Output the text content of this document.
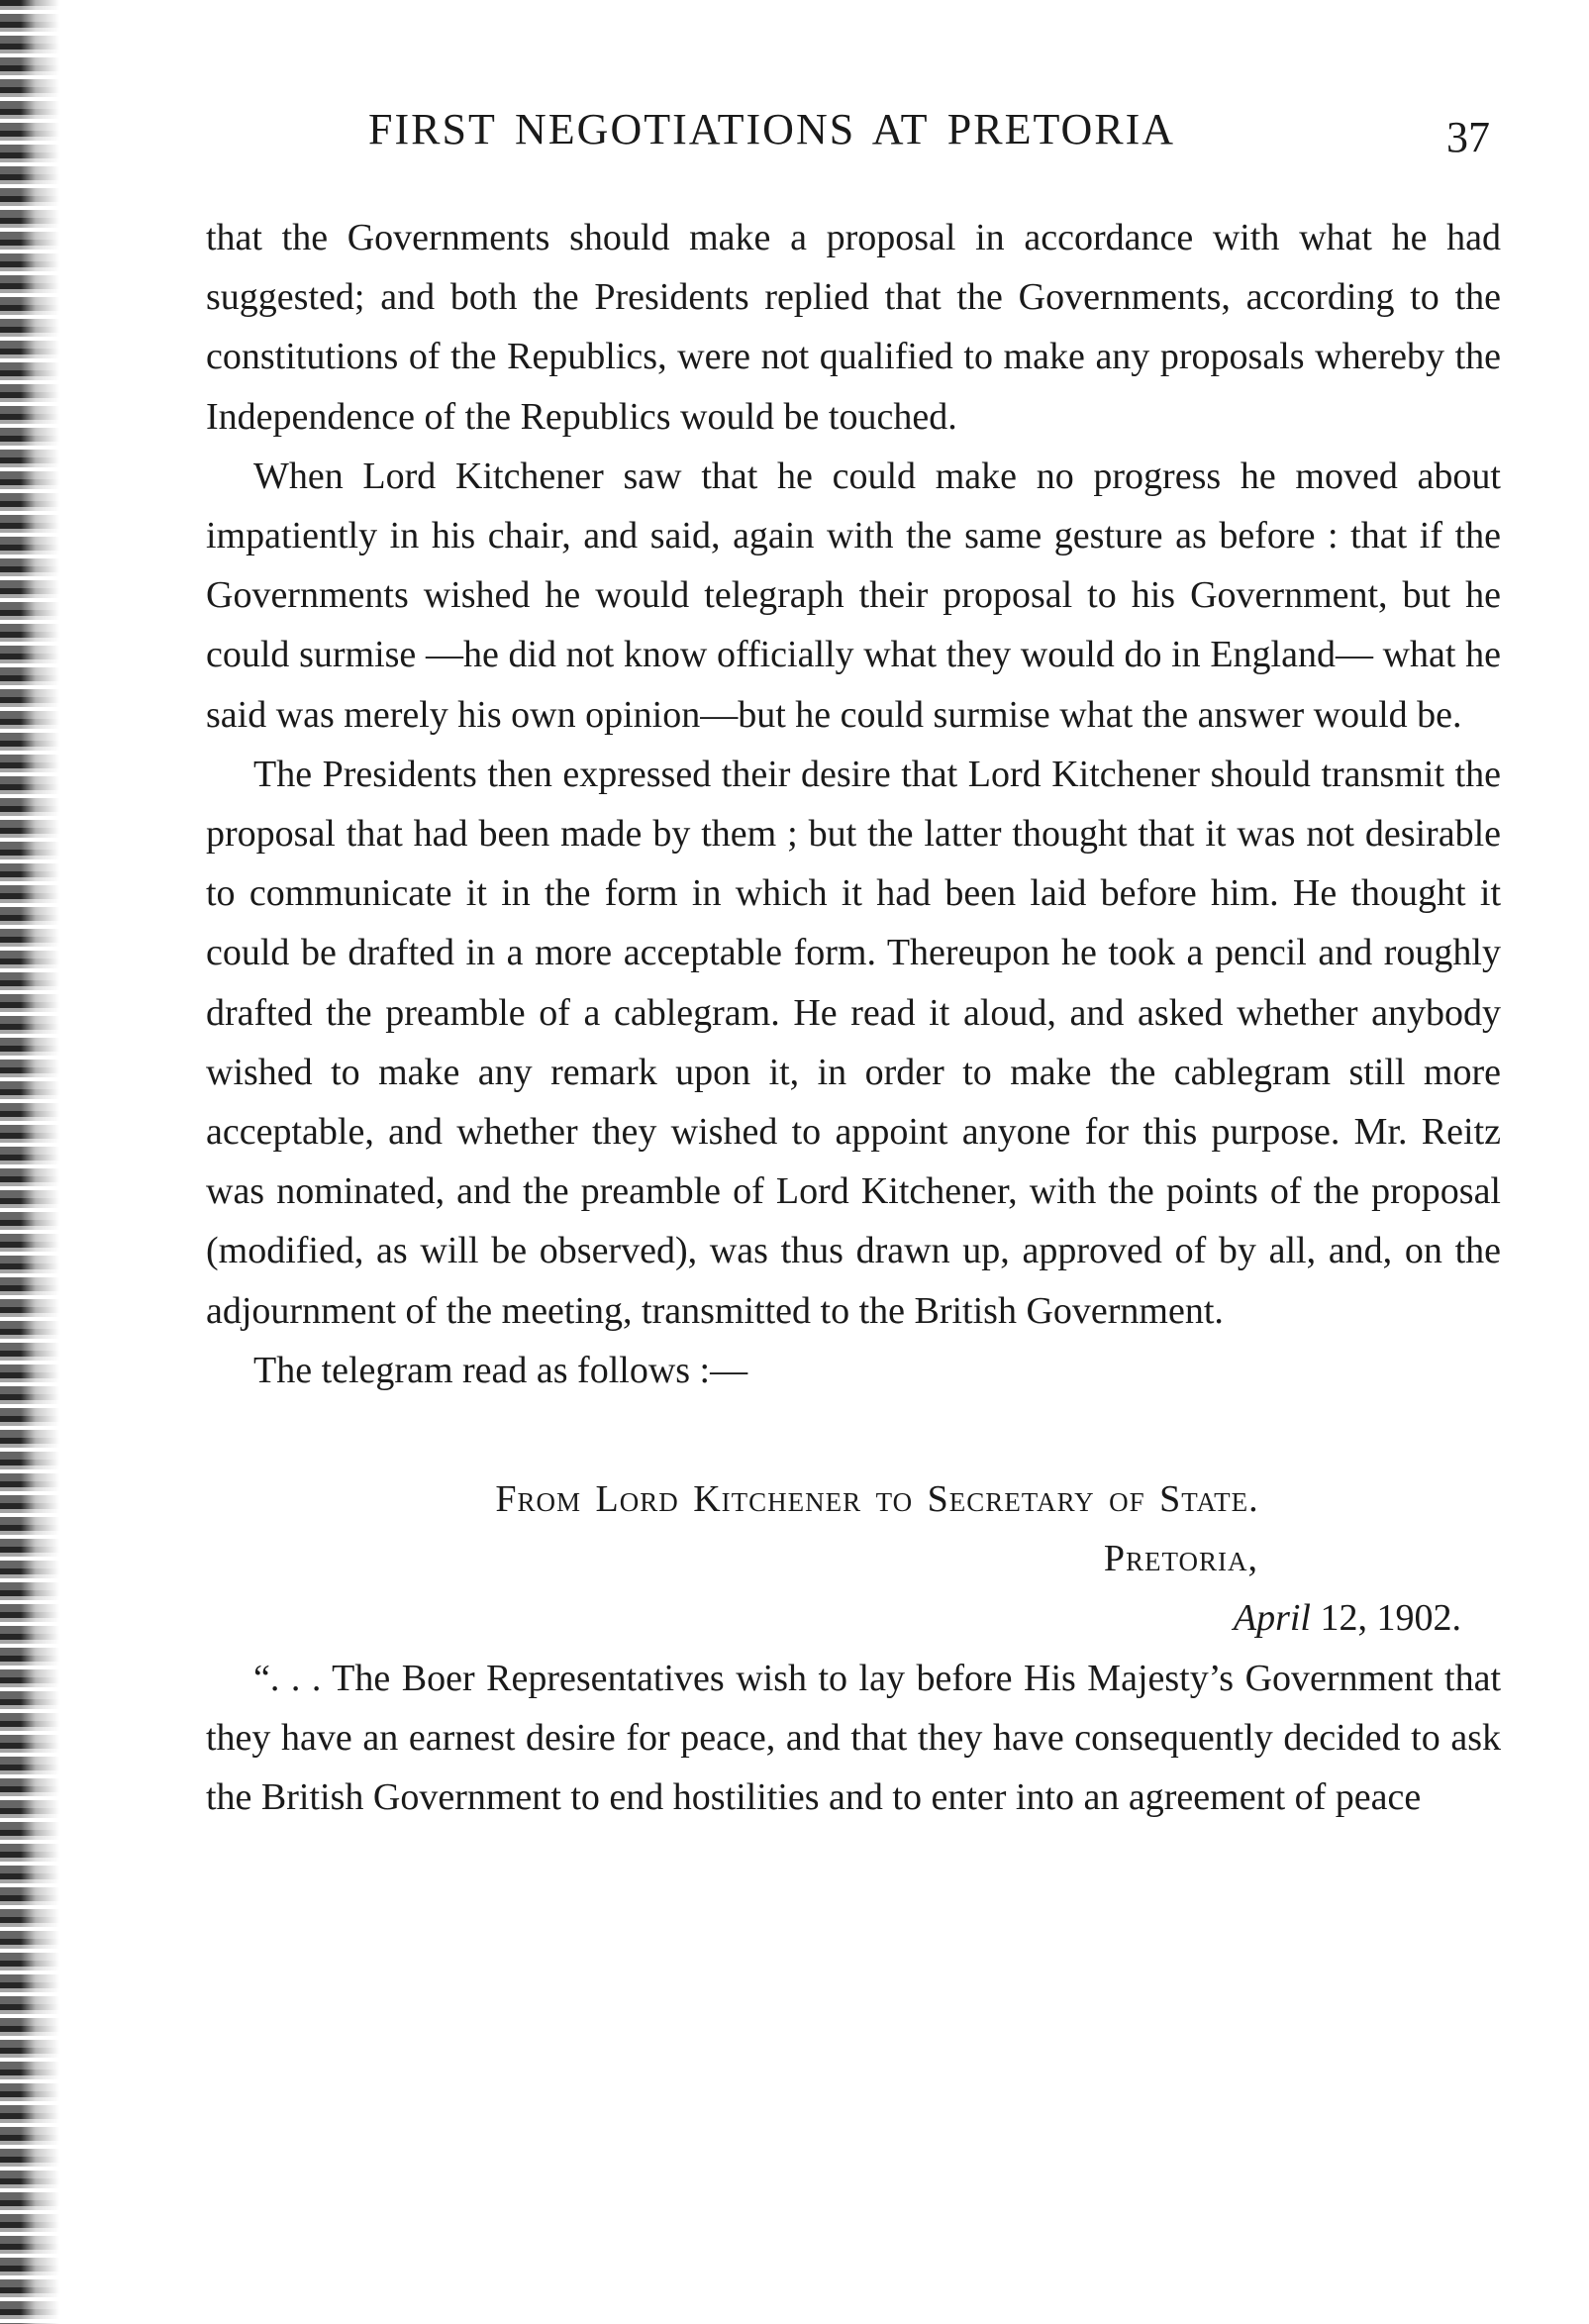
FIRST NEGOTIATIONS AT PRETORIA	37

that the Governments should make a proposal in accordance with what he had suggested; and both the Presidents replied that the Governments, according to the constitutions of the Republics, were not qualified to make any proposals whereby the Independence of the Republics would be touched.

When Lord Kitchener saw that he could make no progress he moved about impatiently in his chair, and said, again with the same gesture as before : that if the Governments wished he would telegraph their proposal to his Government, but he could surmise —he did not know officially what they would do in England— what he said was merely his own opinion—but he could surmise what the answer would be.

The Presidents then expressed their desire that Lord Kitchener should transmit the proposal that had been made by them ; but the latter thought that it was not desirable to communicate it in the form in which it had been laid before him. He thought it could be drafted in a more acceptable form. Thereupon he took a pencil and roughly drafted the preamble of a cablegram. He read it aloud, and asked whether anybody wished to make any remark upon it, in order to make the cablegram still more acceptable, and whether they wished to appoint anyone for this purpose. Mr. Reitz was nominated, and the preamble of Lord Kitchener, with the points of the proposal (modified, as will be observed), was thus drawn up, approved of by all, and, on the adjournment of the meeting, transmitted to the British Government.

The telegram read as follows :—

From Lord Kitchener to Secretary of State.

Pretoria,

April 12, 1902.

“. . . The Boer Representatives wish to lay before His Majesty’s Government that they have an earnest desire for peace, and that they have consequently decided to ask the British Government to end hostilities and to enter into an agreement of peace
